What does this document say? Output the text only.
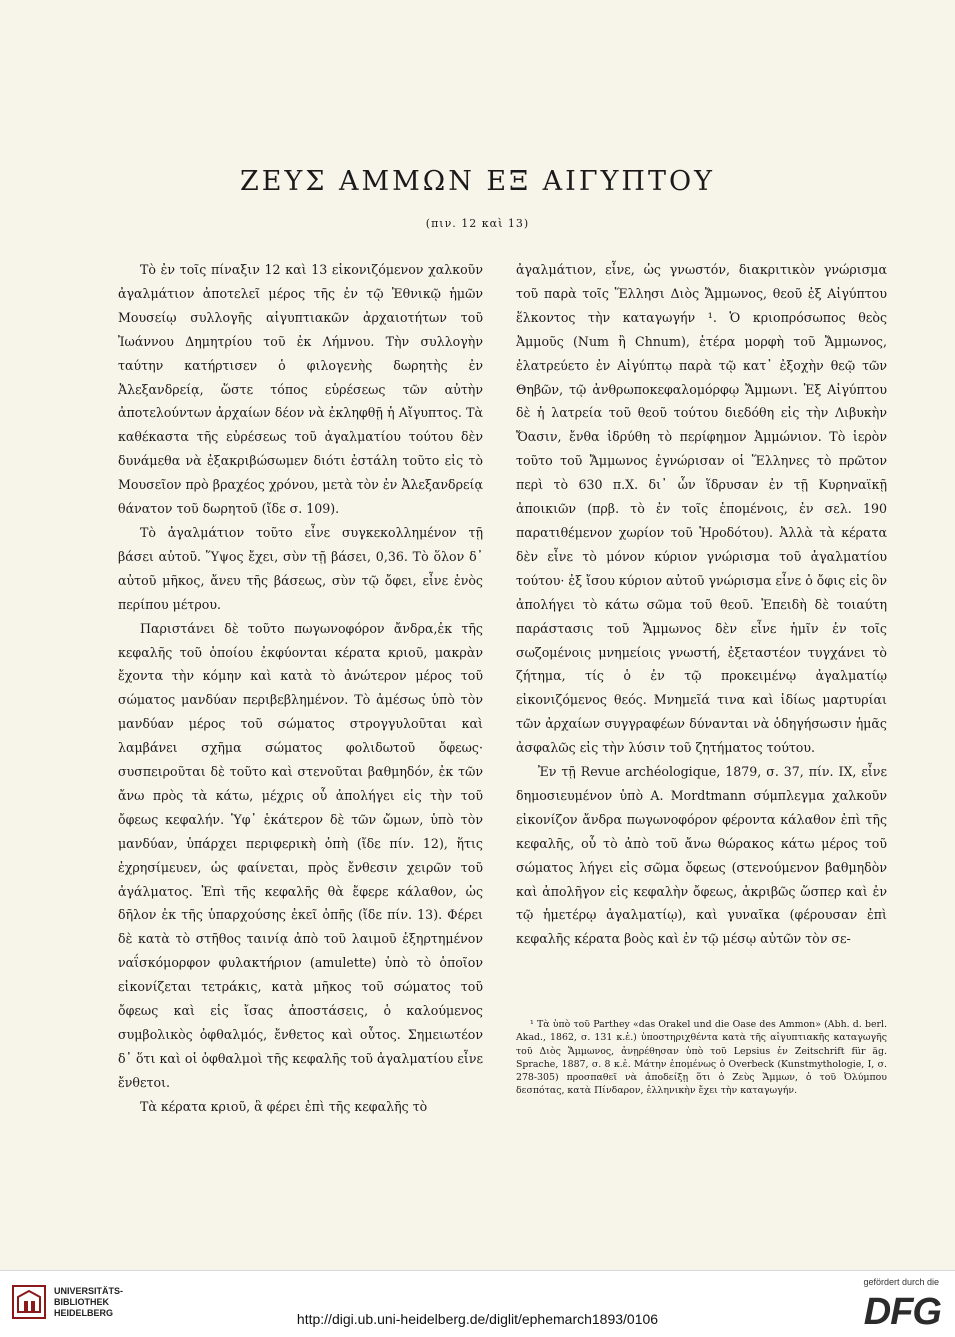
ΖΕΥΣ ΑΜΜΩΝ ΕΞ ΑΙΓΥΠΤΟΥ
(πιν. 12 καὶ 13)

Τὸ ἐν τοῖς πίναξιν 12 καὶ 13 εἰκονιζόμενον χαλκοῦν ἀγαλμάτιον ἀποτελεῖ μέρος τῆς ἐν τῷ Ἐθνικῷ ἡμῶν Μουσείῳ συλλογῆς αἰγυπτιακῶν ἀρχαιοτήτων τοῦ Ἰωάννου Δημητρίου τοῦ ἐκ Λήμνου. Τὴν συλλογὴν ταύτην κατήρτισεν ὁ φιλογενὴς δωρητὴς ἐν Ἀλεξανδρείᾳ, ὥστε τόπος εὑρέσεως τῶν αὐτὴν ἀποτελούντων ἀρχαίων δέον νὰ ἐκληφθῇ ἡ Αἴγυπτος. Τὰ καθέκαστα τῆς εὑρέσεως τοῦ ἀγαλματίου τούτου δὲν δυνάμεθα νὰ ἐξακριβώσωμεν διότι ἐστάλη τοῦτο εἰς τὸ Μουσεῖον πρὸ βραχέος χρόνου, μετὰ τὸν ἐν Ἀλεξανδρείᾳ θάνατον τοῦ δωρητοῦ (ἴδε σ. 109).

Τὸ ἀγαλμάτιον τοῦτο εἶνε συγκεκολλημένον τῇ βάσει αὐτοῦ. Ὕψος ἔχει, σὺν τῇ βάσει, 0,36. Τὸ ὅλον δ᾽ αὐτοῦ μῆκος, ἄνευ τῆς βάσεως, σὺν τῷ ὄφει, εἶνε ἑνὸς περίπου μέτρου.

Παριστάνει δὲ τοῦτο πωγωνοφόρον ἄνδρα,ἐκ τῆς κεφαλῆς τοῦ ὁποίου ἐκφύονται κέρατα κριοῦ, μακρὰν ἔχοντα τὴν κόμην καὶ κατὰ τὸ ἀνώτερον μέρος τοῦ σώματος μανδύαν περιβεβλημένον. Τὸ ἀμέσως ὑπὸ τὸν μανδύαν μέρος τοῦ σώματος στρογγυλοῦται καὶ λαμβάνει σχῆμα σώματος φολιδωτοῦ ὄφεως· συσπειροῦται δὲ τοῦτο καὶ στενοῦται βαθμηδόν, ἐκ τῶν ἄνω πρὸς τὰ κάτω, μέχρις οὗ ἀπολήγει εἰς τὴν τοῦ ὄφεως κεφαλήν. Ὑφ᾽ ἑκάτερον δὲ τῶν ὤμων, ὑπὸ τὸν μανδύαν, ὑπάρχει περιφερικὴ ὀπὴ (ἴδε πίν. 12), ἥτις ἐχρησίμευεν, ὡς φαίνεται, πρὸς ἔνθεσιν χειρῶν τοῦ ἀγάλματος. Ἐπὶ τῆς κεφαλῆς θὰ ἔφερε κάλαθον, ὡς δῆλον ἐκ τῆς ὑπαρχούσης ἐκεῖ ὀπῆς (ἴδε πίν. 13). Φέρει δὲ κατὰ τὸ στῆθος ταινίᾳ ἀπὸ τοῦ λαιμοῦ ἐξηρτημένον ναΐσκόμορφον φυλακτήριον (amulette) ὑπὸ τὸ ὁποῖον εἰκονίζεται τετράκις, κατὰ μῆκος τοῦ σώματος τοῦ ὄφεως καὶ εἰς ἴσας ἀποστάσεις, ὁ καλούμενος συμβολικὸς ὀφθαλμός, ἔνθετος καὶ οὗτος. Σημειωτέον δ᾽ ὅτι καὶ οἱ ὀφθαλμοὶ τῆς κεφαλῆς τοῦ ἀγαλματίου εἶνε ἔνθετοι.

Τὰ κέρατα κριοῦ, ἃ φέρει ἐπὶ τῆς κεφαλῆς τὸ

ἀγαλμάτιον, εἶνε, ὡς γνωστόν, διακριτικὸν γνώρισμα τοῦ παρὰ τοῖς Ἕλλησι Διὸς Ἄμμωνος, θεοῦ ἐξ Αἰγύπτου ἕλκοντος τὴν καταγωγήν ¹. Ὁ κριοπρόσωπος θεὸς Ἀμμοῦς (Num ἢ Chnum), ἑτέρα μορφὴ τοῦ Ἄμμωνος, ἐλατρεύετο ἐν Αἰγύπτῳ παρὰ τῷ κατ᾽ ἐξοχὴν θεῷ τῶν Θηβῶν, τῷ ἀνθρωποκεφαλομόρφῳ Ἄμμωνι. Ἐξ Αἰγύπτου δὲ ἡ λατρεία τοῦ θεοῦ τούτου διεδόθη εἰς τὴν Λιβυκὴν Ὄασιν, ἔνθα ἱδρύθη τὸ περίφημον Ἀμμώνιον. Τὸ ἱερὸν τοῦτο τοῦ Ἄμμωνος ἐγνώρισαν οἱ Ἕλληνες τὸ πρῶτον περὶ τὸ 630 π.Χ. δι᾽ ὧν ἵδρυσαν ἐν τῇ Κυρηναϊκῇ ἀποικιῶν (πρβ. τὸ ἐν τοῖς ἑπομένοις, ἐν σελ. 190 παρατιθέμενον χωρίον τοῦ Ἡροδότου). Ἀλλὰ τὰ κέρατα δὲν εἶνε τὸ μόνον κύριον γνώρισμα τοῦ ἀγαλματίου τούτου· ἐξ ἴσου κύριον αὐτοῦ γνώρισμα εἶνε ὁ ὄφις εἰς ὃν ἀπολήγει τὸ κάτω σῶμα τοῦ θεοῦ. Ἐπειδὴ δὲ τοιαύτη παράστασις τοῦ Ἄμμωνος δὲν εἶνε ἡμῖν ἐν τοῖς σωζομένοις μνημείοις γνωστή, ἐξεταστέον τυγχάνει τὸ ζήτημα, τίς ὁ ἐν τῷ προκειμένῳ ἀγαλματίῳ εἰκονιζόμενος θεός. Μνημεῖά τινα καὶ ἰδίως μαρτυρίαι τῶν ἀρχαίων συγγραφέων δύνανται νὰ ὁδηγήσωσιν ἡμᾶς ἀσφαλῶς εἰς τὴν λύσιν τοῦ ζητήματος τούτου.

Ἐν τῇ Revue archéologique, 1879, σ. 37, πίν. IX, εἶνε δημοσιευμένον ὑπὸ A. Mordtmann σύμπλεγμα χαλκοῦν εἰκονίζον ἄνδρα πωγωνοφόρον φέροντα κάλαθον ἐπὶ τῆς κεφαλῆς, οὗ τὸ ἀπὸ τοῦ ἄνω θώρακος κάτω μέρος τοῦ σώματος λήγει εἰς σῶμα ὄφεως (στενούμενον βαθμηδὸν καὶ ἀπολῆγον εἰς κεφαλὴν ὄφεως, ἀκριβῶς ὥσπερ καὶ ἐν τῷ ἡμετέρῳ ἀγαλματίῳ), καὶ γυναῖκα (φέρουσαν ἐπὶ κεφαλῆς κέρατα βοὸς καὶ ἐν τῷ μέσῳ αὐτῶν τὸν σε-

¹ Τὰ ὑπὸ τοῦ Parthey «das Orakel und die Oase des Ammon» (Abh. d. berl. Akad., 1862, σ. 131 κ.ἑ.) ὑποστηριχθέντα κατὰ τῆς αἰγυπτιακῆς καταγωγῆς τοῦ Διὸς Ἄμμωνος, ἀνῃρέθησαν ὑπὸ τοῦ Lepsius ἐν Zeitschrift für äg. Sprache, 1887, σ. 8 κ.ἑ. Μάτην ἑπομένως ὁ Overbeck (Kunstmythologie, I, σ. 278-305) προσπαθεῖ νὰ ἀποδείξῃ ὅτι ὁ Ζεὺς Ἄμμων, ὁ τοῦ Ὀλύμπου δεσπότας, κατὰ Πίνδαρον, ἑλληνικὴν ἔχει τὴν καταγωγήν.

UNIVERSITÄTS-
BIBLIOTHEK
HEIDELBERG	http://digi.ub.uni-heidelberg.de/diglit/ephemarch1893/0106
gefördert durch die
DFG
